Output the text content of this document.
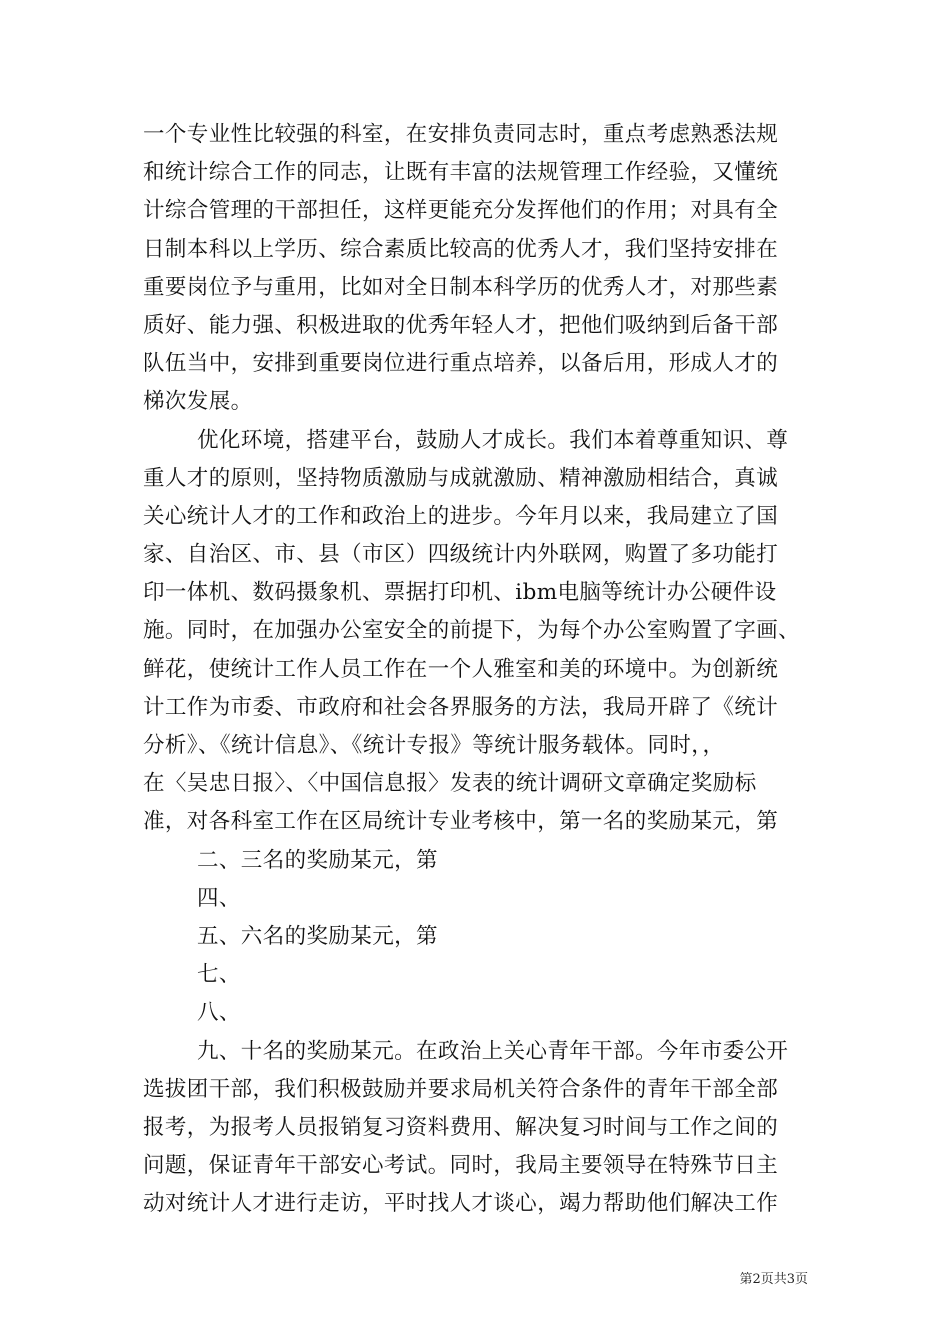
一个专业性比较强的科室，在安排负责同志时，重点考虑熟悉法规
和统计综合工作的同志，让既有丰富的法规管理工作经验，又懂统
计综合管理的干部担任，这样更能充分发挥他们的作用；对具有全
日制本科以上学历、综合素质比较高的优秀人才，我们坚持安排在
重要岗位予与重用，比如对全日制本科学历的优秀人才，对那些素
质好、能力强、积极进取的优秀年轻人才，把他们吸纳到后备干部
队伍当中，安排到重要岗位进行重点培养，以备后用，形成人才的
梯次发展。
优化环境，搭建平台，鼓励人才成长。我们本着尊重知识、尊
重人才的原则，坚持物质激励与成就激励、精神激励相结合，真诚
关心统计人才的工作和政治上的进步。今年月以来，我局建立了国
家、自治区、市、县（市区）四级统计内外联网，购置了多功能打
印一体机、数码摄象机、票据打印机、ibm电脑等统计办公硬件设
施。同时，在加强办公室安全的前提下，为每个办公室购置了字画、
鲜花，使统计工作人员工作在一个人雅室和美的环境中。为创新统
计工作为市委、市政府和社会各界服务的方法，我局开辟了《统计
分析》、《统计信息》、《统计专报》等统计服务载体。同时，，
在〈吴忠日报〉、〈中国信息报〉发表的统计调研文章确定奖励标
准，对各科室工作在区局统计专业考核中，第一名的奖励某元，第
二、三名的奖励某元，第
四、
五、六名的奖励某元，第
七、
八、
九、十名的奖励某元。在政治上关心青年干部。今年市委公开
选拔团干部，我们积极鼓励并要求局机关符合条件的青年干部全部
报考，为报考人员报销复习资料费用、解决复习时间与工作之间的
问题，保证青年干部安心考试。同时，我局主要领导在特殊节日主
动对统计人才进行走访，平时找人才谈心，竭力帮助他们解决工作
第2页共3页
